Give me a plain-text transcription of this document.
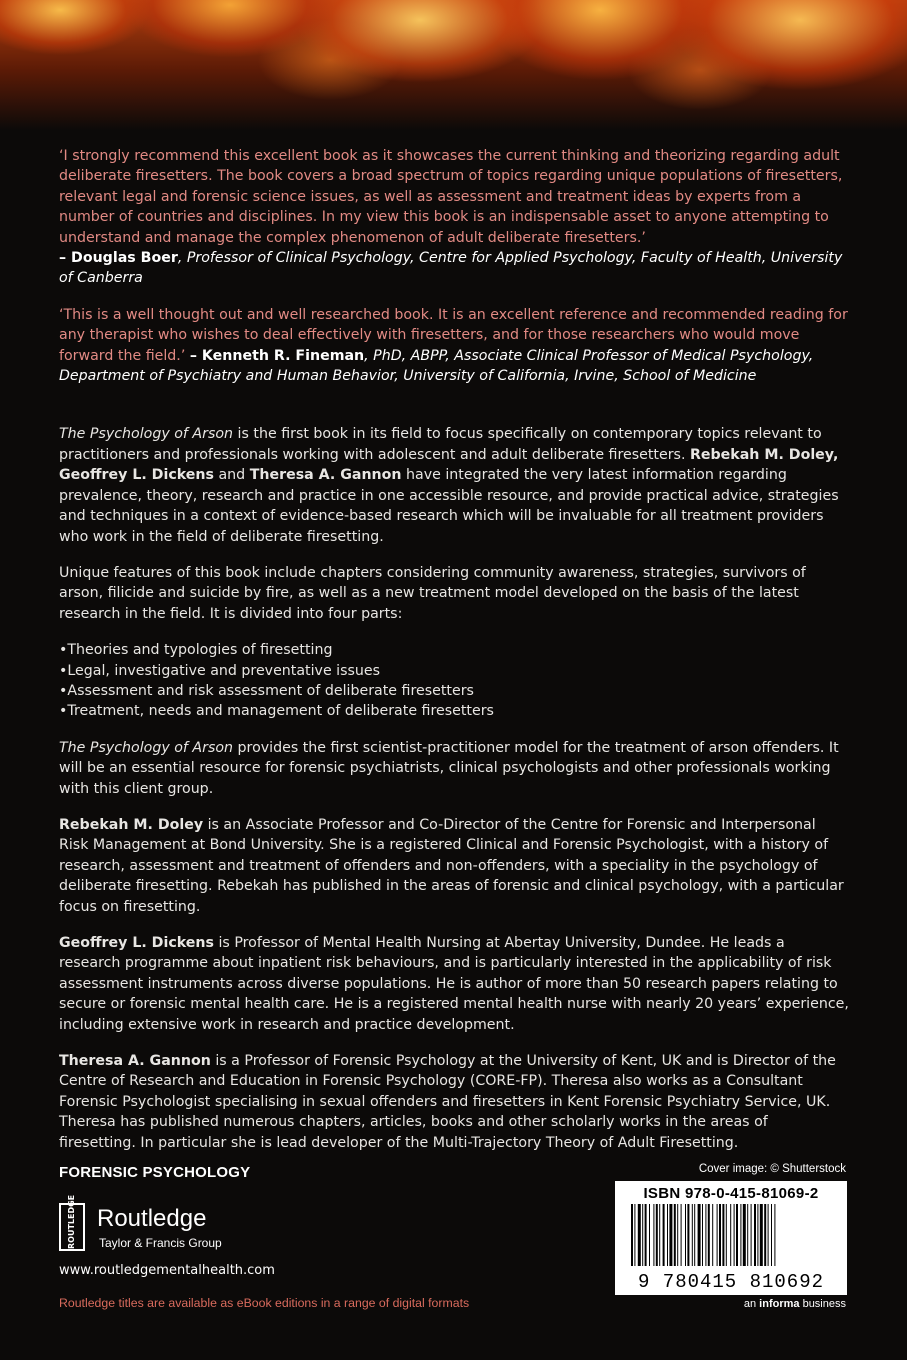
‘I strongly recommend this excellent book as it showcases the current thinking and theorizing regarding adult deliberate firesetters. The book covers a broad spectrum of topics regarding unique populations of firesetters, relevant legal and forensic science issues, as well as assessment and treatment ideas by experts from a number of countries and disciplines. In my view this book is an indispensable asset to anyone attempting to understand and manage the complex phenomenon of adult deliberate firesetters.’
– Douglas Boer, Professor of Clinical Psychology, Centre for Applied Psychology, Faculty of Health, University of Canberra

‘This is a well thought out and well researched book. It is an excellent reference and recommended reading for any therapist who wishes to deal effectively with firesetters, and for those researchers who would move forward the field.’ – Kenneth R. Fineman, PhD, ABPP, Associate Clinical Professor of Medical Psychology, Department of Psychiatry and Human Behavior, University of California, Irvine, School of Medicine

The Psychology of Arson is the first book in its field to focus specifically on contemporary topics relevant to practitioners and professionals working with adolescent and adult deliberate firesetters. Rebekah M. Doley, Geoffrey L. Dickens and Theresa A. Gannon have integrated the very latest information regarding prevalence, theory, research and practice in one accessible resource, and provide practical advice, strategies and techniques in a context of evidence-based research which will be invaluable for all treatment providers who work in the field of deliberate firesetting.

Unique features of this book include chapters considering community awareness, strategies, survivors of arson, filicide and suicide by fire, as well as a new treatment model developed on the basis of the latest research in the field. It is divided into four parts:

• Theories and typologies of firesetting
• Legal, investigative and preventative issues
• Assessment and risk assessment of deliberate firesetters
• Treatment, needs and management of deliberate firesetters

The Psychology of Arson provides the first scientist-practitioner model for the treatment of arson offenders. It will be an essential resource for forensic psychiatrists, clinical psychologists and other professionals working with this client group.

Rebekah M. Doley is an Associate Professor and Co-Director of the Centre for Forensic and Interpersonal Risk Management at Bond University. She is a registered Clinical and Forensic Psychologist, with a history of research, assessment and treatment of offenders and non-offenders, with a speciality in the psychology of deliberate firesetting. Rebekah has published in the areas of forensic and clinical psychology, with a particular focus on firesetting.

Geoffrey L. Dickens is Professor of Mental Health Nursing at Abertay University, Dundee. He leads a research programme about inpatient risk behaviours, and is particularly interested in the applicability of risk assessment instruments across diverse populations. He is author of more than 50 research papers relating to secure or forensic mental health care. He is a registered mental health nurse with nearly 20 years’ experience, including extensive work in research and practice development.

Theresa A. Gannon is a Professor of Forensic Psychology at the University of Kent, UK and is Director of the Centre of Research and Education in Forensic Psychology (CORE-FP). Theresa also works as a Consultant Forensic Psychologist specialising in sexual offenders and firesetters in Kent Forensic Psychiatry Service, UK. Theresa has published numerous chapters, articles, books and other scholarly works in the areas of firesetting. In particular she is lead developer of the Multi-Trajectory Theory of Adult Firesetting.

FORENSIC PSYCHOLOGY
ROUTLEDGE Routledge
Taylor & Francis Group
www.routledgementalhealth.com
Routledge titles are available as eBook editions in a range of digital formats
Cover image: © Shutterstock
ISBN 978-0-415-81069-2
9 780415 810692
an informa business
